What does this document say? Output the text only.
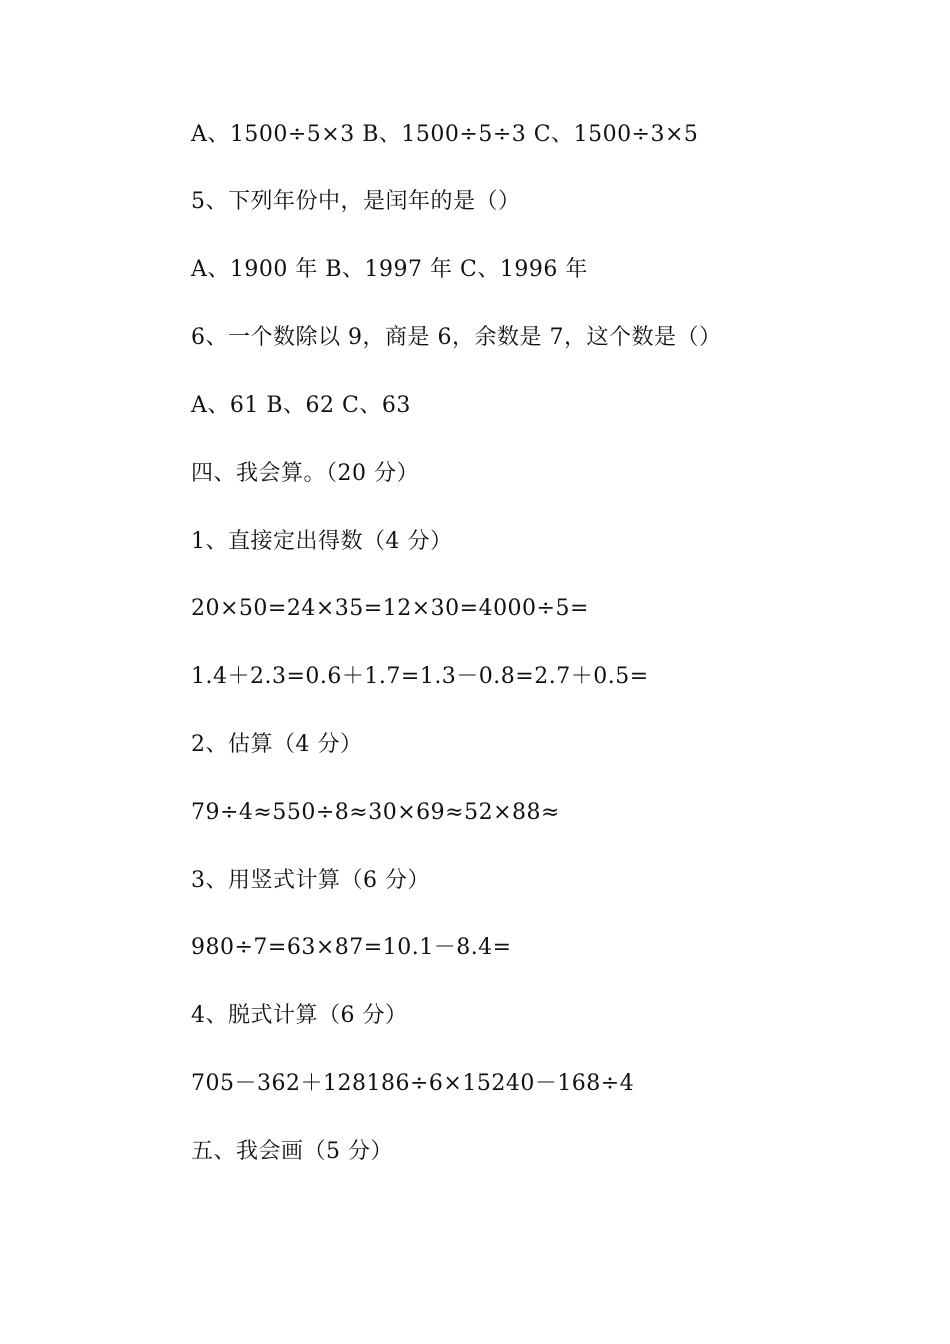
A、1500÷5×3 B、1500÷5÷3 C、1500÷3×5

5、下列年份中，是闰年的是（）

A、1900 年 B、1997 年 C、1996 年

6、一个数除以 9，商是 6，余数是 7，这个数是（）

A、61 B、62 C、63

四、我会算。（20 分）

1、直接定出得数（4 分）

20×50=24×35=12×30=4000÷5=

1.4＋2.3=0.6＋1.7=1.3－0.8=2.7＋0.5=

2、估算（4 分）

79÷4≈550÷8≈30×69≈52×88≈

3、用竖式计算（6 分）

980÷7=63×87=10.1－8.4=

4、脱式计算（6 分）

705－362＋128186÷6×15240－168÷4

五、我会画（5 分）
